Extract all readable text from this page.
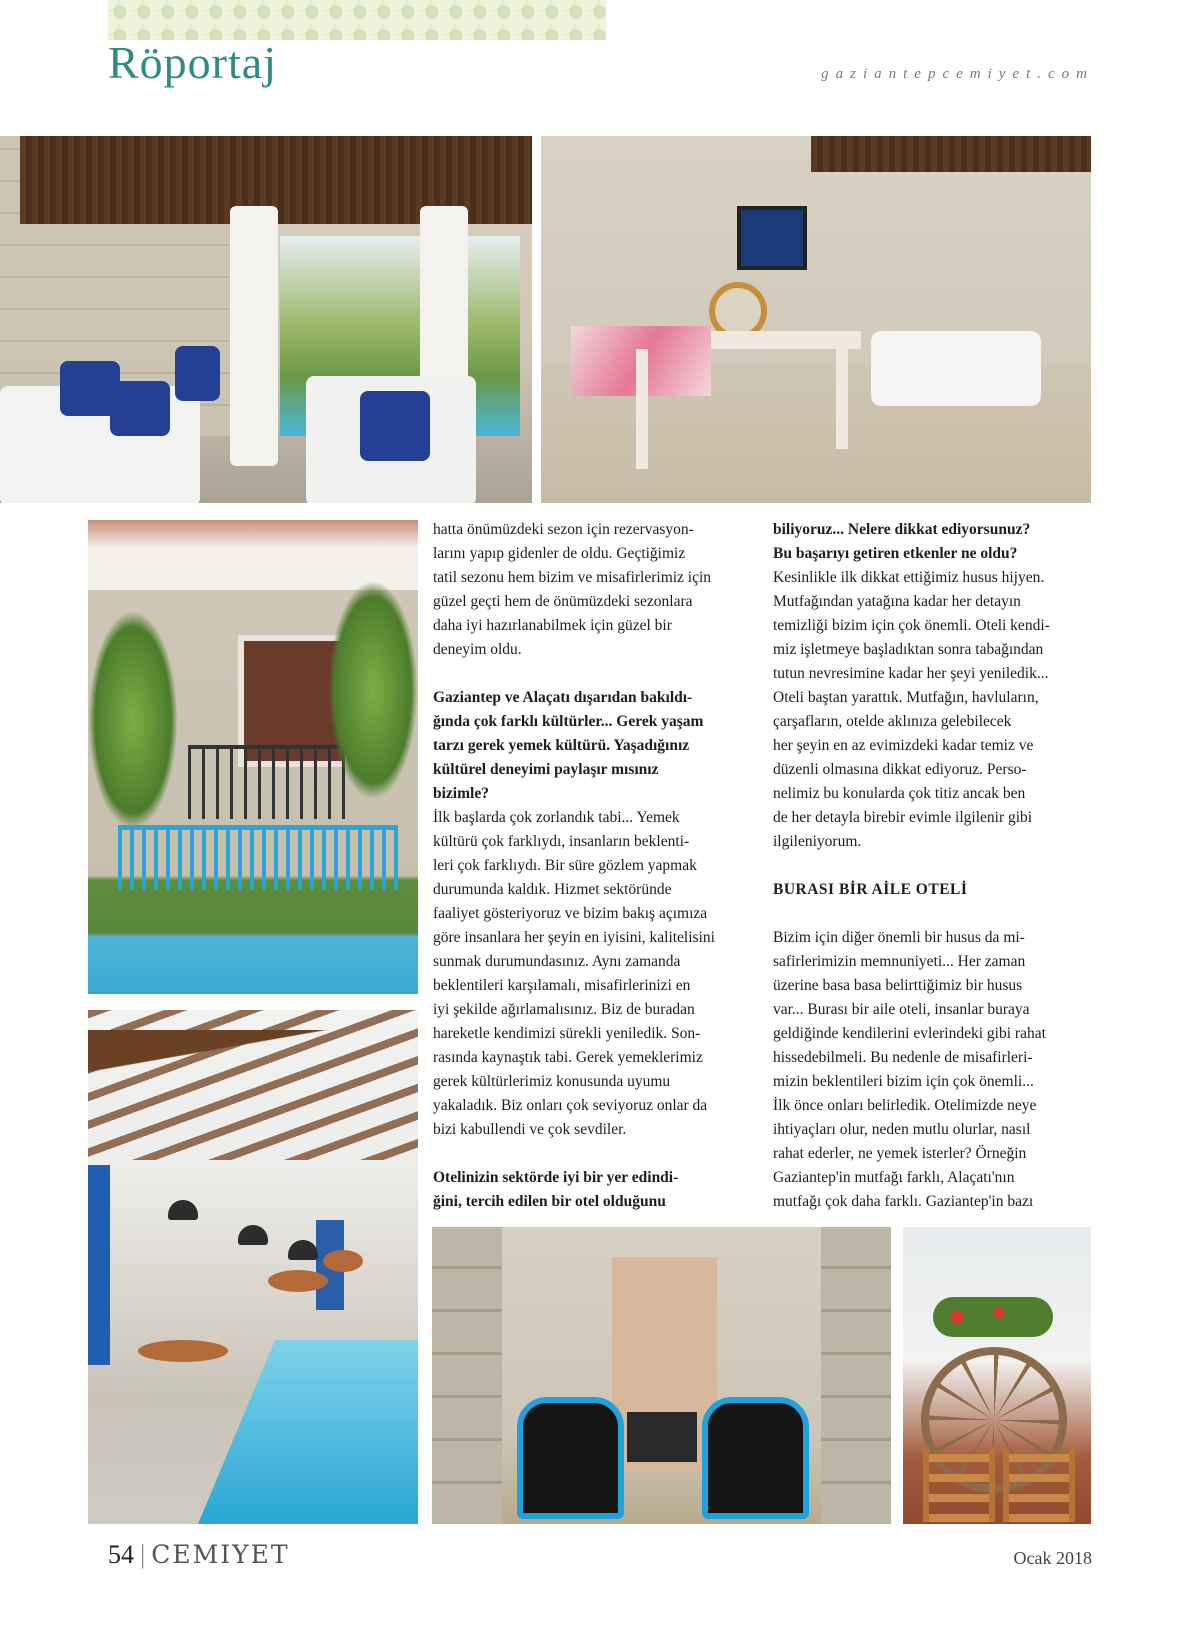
Röportaj	gaziantepcemiyet.com

hatta önümüzdeki sezon için rezervasyon-
larını yapıp gidenler de oldu. Geçtiğimiz
tatil sezonu hem bizim ve misafirlerimiz için
güzel geçti hem de önümüzdeki sezonlara
daha iyi hazırlanabilmek için güzel bir
deneyim oldu.

Gaziantep ve Alaçatı dışarıdan bakıldı-
ğında çok farklı kültürler... Gerek yaşam
tarzı gerek yemek kültürü. Yaşadığınız
kültürel deneyimi paylaşır mısınız
bizimle?

İlk başlarda çok zorlandık tabi... Yemek
kültürü çok farklıydı, insanların beklenti-
leri çok farklıydı. Bir süre gözlem yapmak
durumunda kaldık. Hizmet sektöründe
faaliyet gösteriyoruz ve bizim bakış açımıza
göre insanlara her şeyin en iyisini, kalitelisini
sunmak durumundasınız. Aynı zamanda
beklentileri karşılamalı, misafirlerinizi en
iyi şekilde ağırlamalısınız. Biz de buradan
hareketle kendimizi sürekli yeniledik. Son-
rasında kaynaştık tabi. Gerek yemeklerimiz
gerek kültürlerimiz konusunda uyumu
yakaladık. Biz onları çok seviyoruz onlar da
bizi kabullendi ve çok sevdiler.

Otelinizin sektörde iyi bir yer edindi-
ğini, tercih edilen bir otel olduğunu

biliyoruz... Nelere dikkat ediyorsunuz?
Bu başarıyı getiren etkenler ne oldu?

Kesinlikle ilk dikkat ettiğimiz husus hijyen.
Mutfağından yatağına kadar her detayın
temizliği bizim için çok önemli. Oteli kendi-
miz işletmeye başladıktan sonra tabağından
tutun nevresimine kadar her şeyi yeniledik...
Oteli baştan yarattık. Mutfağın, havluların,
çarşafların, otelde aklınıza gelebilecek
her şeyin en az evimizdeki kadar temiz ve
düzenli olmasına dikkat ediyoruz. Perso-
nelimiz bu konularda çok titiz ancak ben
de her detayla birebir evimle ilgilenir gibi
ilgileniyorum.

BURASI BİR AİLE OTELİ

Bizim için diğer önemli bir husus da mi-
safirlerimizin memnuniyeti... Her zaman
üzerine basa basa belirttiğimiz bir husus
var... Burası bir aile oteli, insanlar buraya
geldiğinde kendilerini evlerindeki gibi rahat
hissedebilmeli. Bu nedenle de misafirleri-
mizin beklentileri bizim için çok önemli...
İlk önce onları belirledik. Otelimizde neye
ihtiyaçları olur, neden mutlu olurlar, nasıl
rahat ederler, ne yemek isterler? Örneğin
Gaziantep'in mutfağı farklı, Alaçatı'nın
mutfağı çok daha farklı. Gaziantep'in bazı

54 | CEMIYET	Ocak 2018
